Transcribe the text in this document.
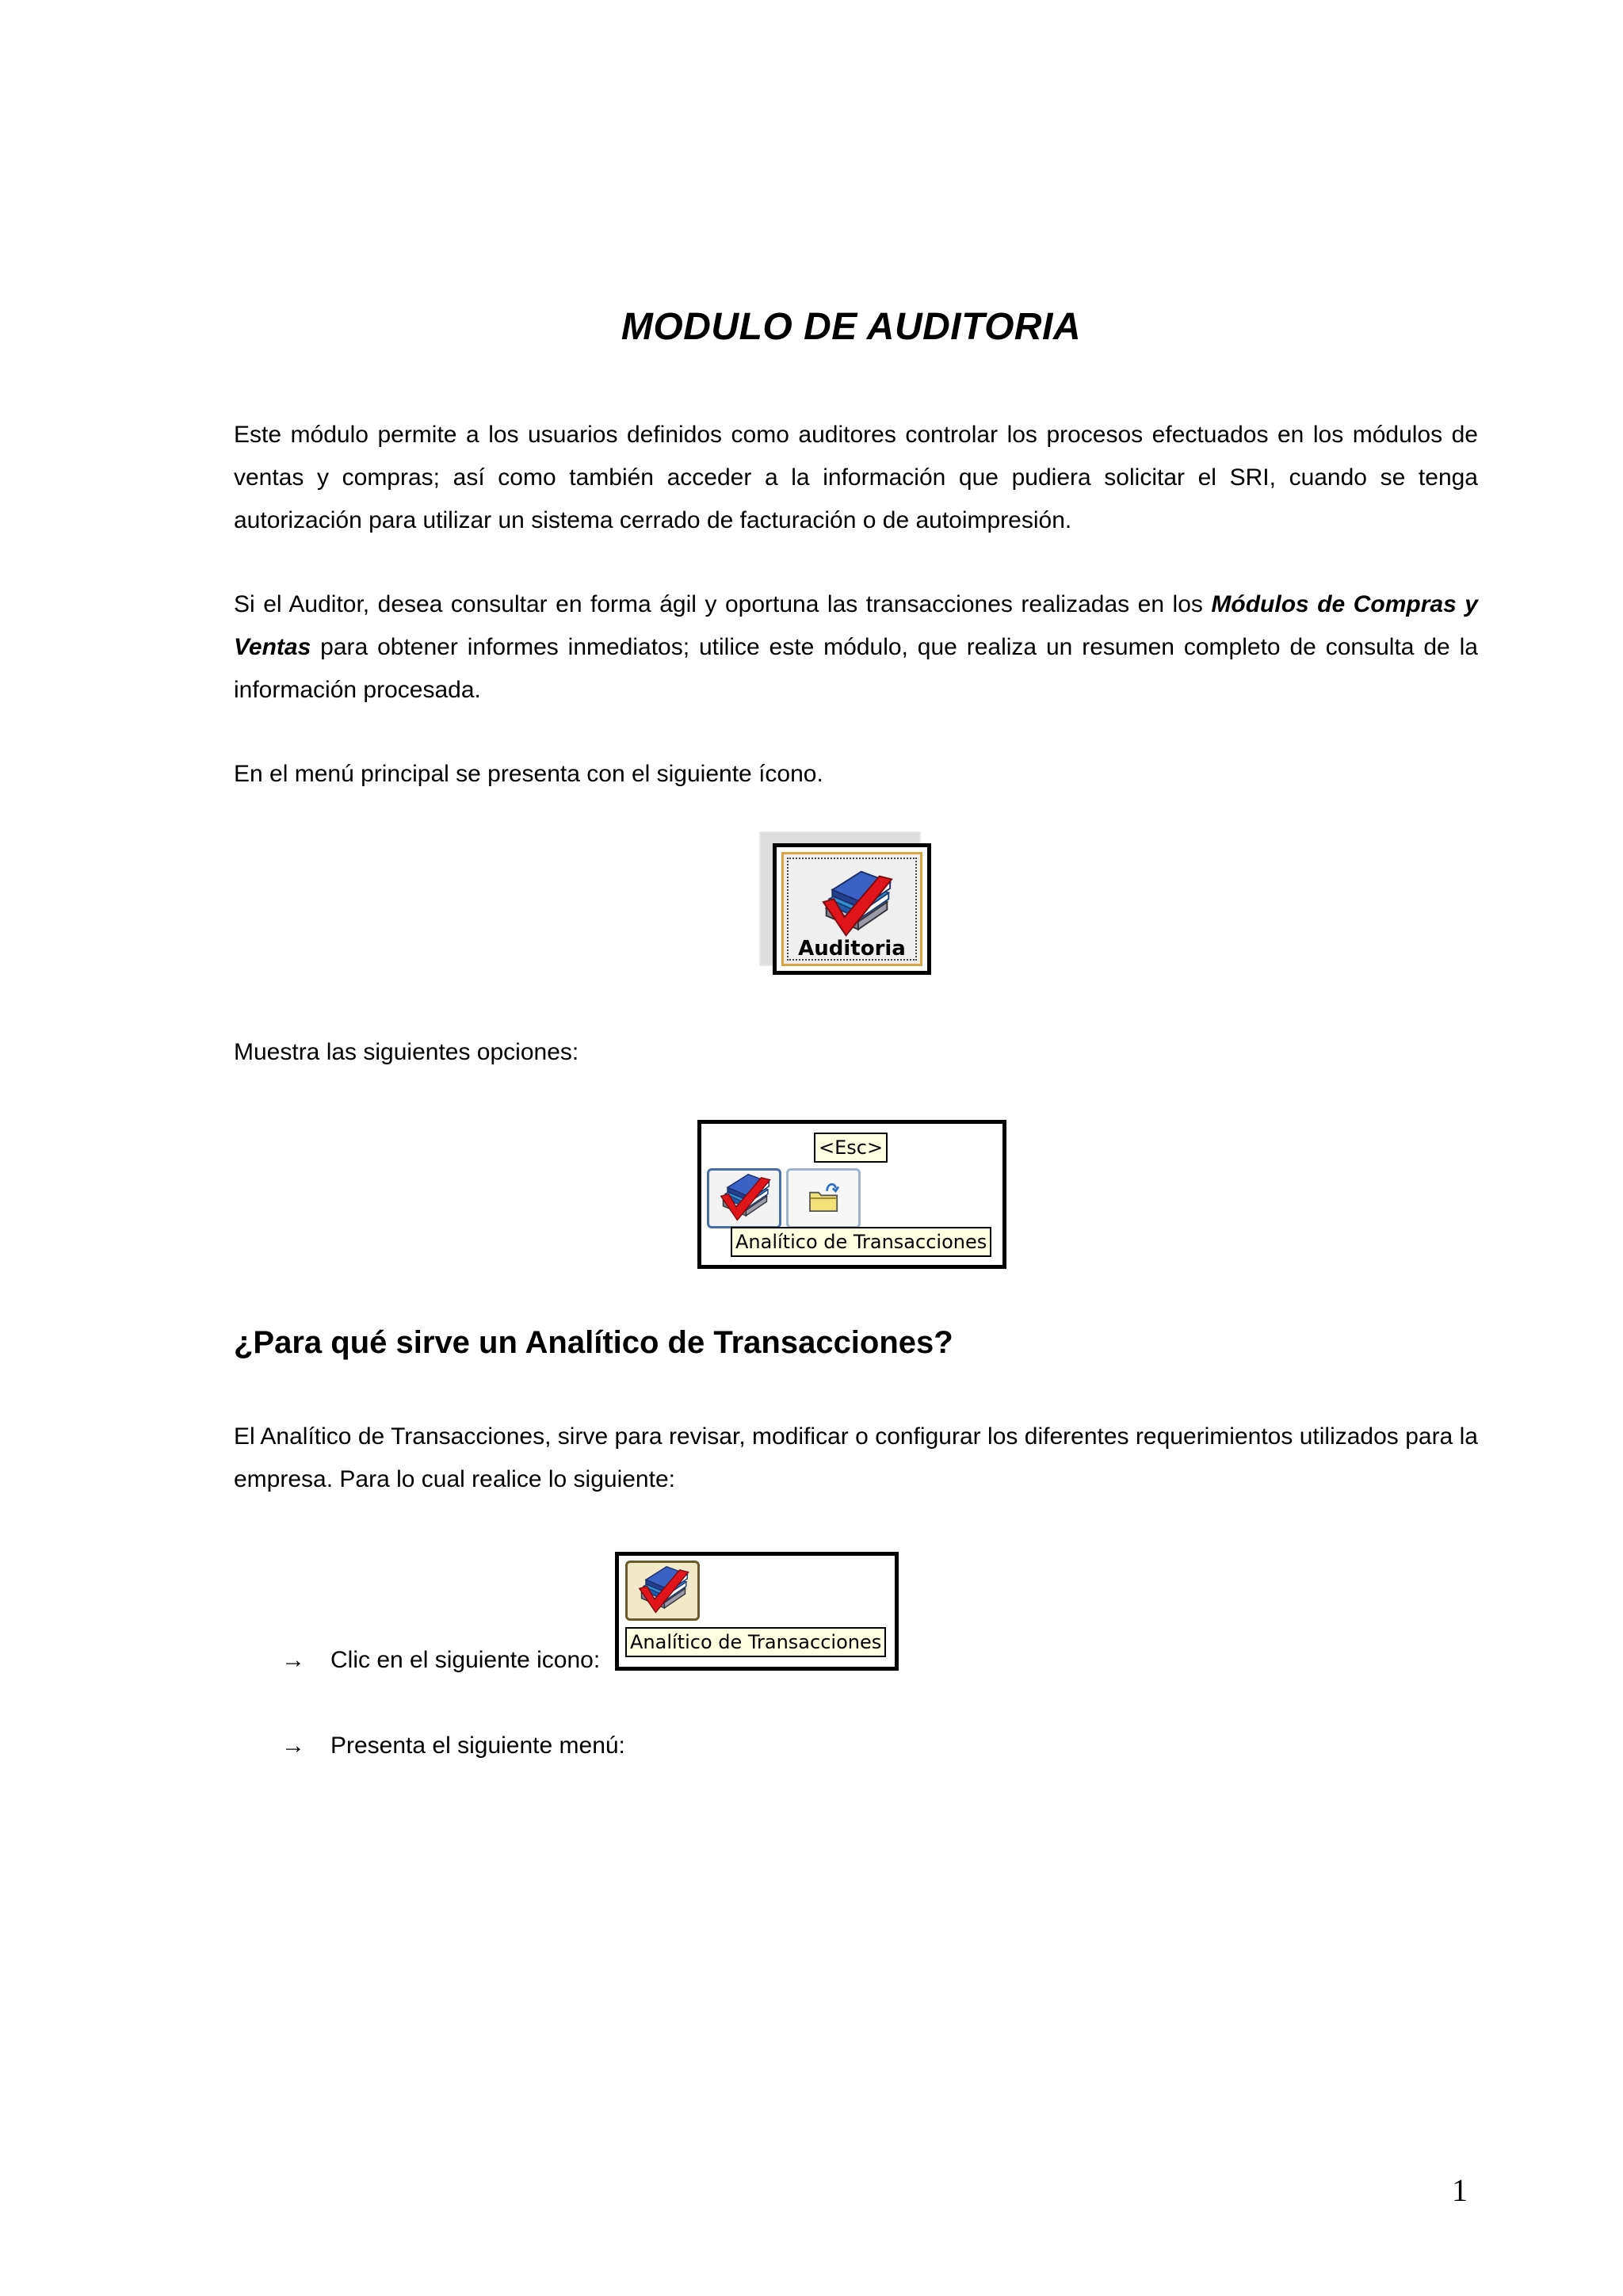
MODULO DE AUDITORIA
Este módulo permite a los usuarios definidos como auditores controlar los procesos efectuados en los módulos de ventas y compras; así como también acceder a la información que pudiera solicitar el SRI, cuando se tenga autorización para utilizar un sistema cerrado de facturación o de autoimpresión.
Si el Auditor, desea consultar en forma ágil y oportuna las transacciones realizadas en los Módulos de Compras y Ventas para obtener informes inmediatos; utilice este módulo, que realiza un resumen completo de consulta de la información procesada.
En el menú principal se presenta con el siguiente ícono.
Auditoria
Muestra las siguientes opciones:
<Esc>
Analítico de Transacciones
¿Para qué sirve un Analítico de Transacciones?
El Analítico de Transacciones, sirve para revisar, modificar o configurar los diferentes requerimientos utilizados para la empresa. Para lo cual realice lo siguiente:
Analítico de Transacciones
→ Clic en el siguiente icono:
→ Presenta el siguiente menú:
1
